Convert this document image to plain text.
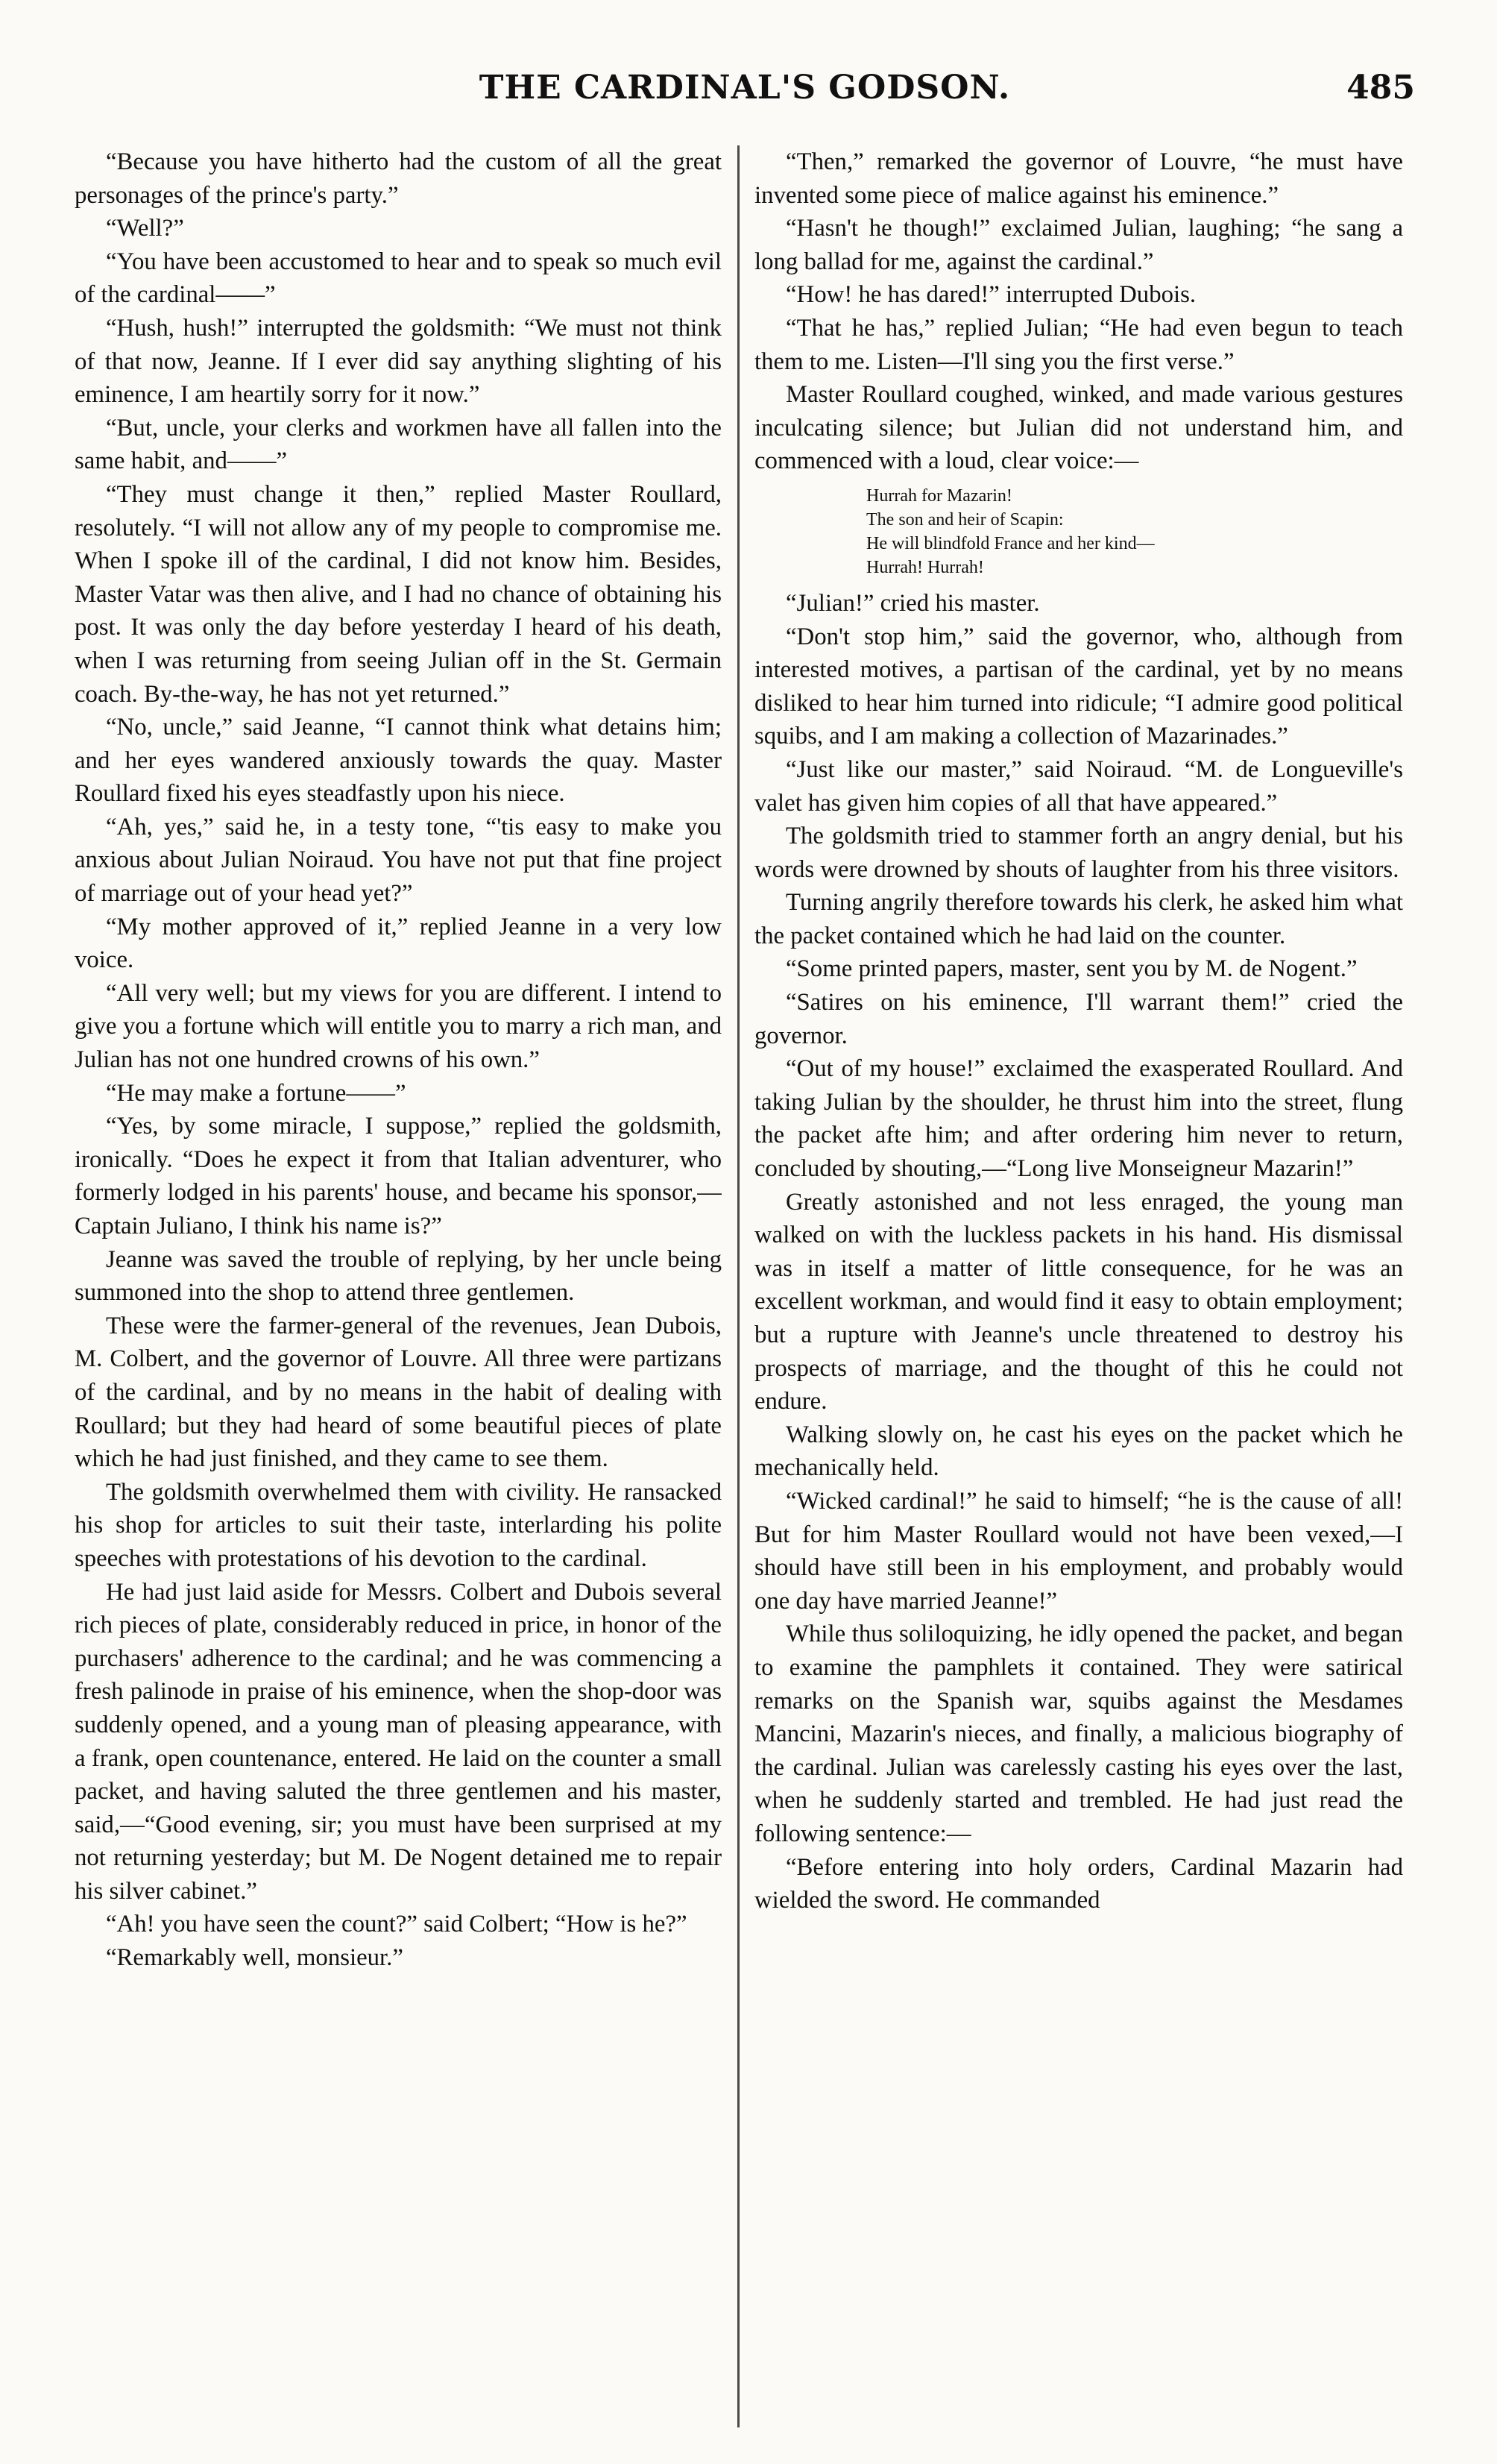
THE CARDINAL'S GODSON.	485

“Because you have hitherto had the custom of all the great personages of the prince's party.”

“Well?”

“You have been accustomed to hear and to speak so much evil of the cardinal——”

“Hush, hush!” interrupted the goldsmith: “We must not think of that now, Jeanne. If I ever did say anything slighting of his eminence, I am heartily sorry for it now.”

“But, uncle, your clerks and workmen have all fallen into the same habit, and——”

“They must change it then,” replied Master Roullard, resolutely. “I will not allow any of my people to compromise me. When I spoke ill of the cardinal, I did not know him. Besides, Master Vatar was then alive, and I had no chance of obtaining his post. It was only the day before yesterday I heard of his death, when I was returning from seeing Julian off in the St. Germain coach. By-the-way, he has not yet returned.”

“No, uncle,” said Jeanne, “I cannot think what detains him; and her eyes wandered anxiously towards the quay. Master Roullard fixed his eyes steadfastly upon his niece.

“Ah, yes,” said he, in a testy tone, “'tis easy to make you anxious about Julian Noiraud. You have not put that fine project of marriage out of your head yet?”

“My mother approved of it,” replied Jeanne in a very low voice.

“All very well; but my views for you are different. I intend to give you a fortune which will entitle you to marry a rich man, and Julian has not one hundred crowns of his own.”

“He may make a fortune——”

“Yes, by some miracle, I suppose,” replied the goldsmith, ironically. “Does he expect it from that Italian adventurer, who formerly lodged in his parents' house, and became his sponsor,—Captain Juliano, I think his name is?”

Jeanne was saved the trouble of replying, by her uncle being summoned into the shop to attend three gentlemen.

These were the farmer-general of the revenues, Jean Dubois, M. Colbert, and the governor of Louvre. All three were partizans of the cardinal, and by no means in the habit of dealing with Roullard; but they had heard of some beautiful pieces of plate which he had just finished, and they came to see them.

The goldsmith overwhelmed them with civility. He ransacked his shop for articles to suit their taste, interlarding his polite speeches with protestations of his devotion to the cardinal.

He had just laid aside for Messrs. Colbert and Dubois several rich pieces of plate, considerably reduced in price, in honor of the purchasers' adherence to the cardinal; and he was commencing a fresh palinode in praise of his eminence, when the shop-door was suddenly opened, and a young man of pleasing appearance, with a frank, open countenance, entered. He laid on the counter a small packet, and having saluted the three gentlemen and his master, said,—“Good evening, sir; you must have been surprised at my not returning yesterday; but M. De Nogent detained me to repair his silver cabinet.”

“Ah! you have seen the count?” said Colbert; “How is he?”

“Remarkably well, monsieur.”

“Then,” remarked the governor of Louvre, “he must have invented some piece of malice against his eminence.”

“Hasn't he though!” exclaimed Julian, laughing; “he sang a long ballad for me, against the cardinal.”

“How! he has dared!” interrupted Dubois.

“That he has,” replied Julian; “He had even begun to teach them to me. Listen—I'll sing you the first verse.”

Master Roullard coughed, winked, and made various gestures inculcating silence; but Julian did not understand him, and commenced with a loud, clear voice:—

Hurrah for Mazarin!
The son and heir of Scapin:
He will blindfold France and her kind—
Hurrah! Hurrah!

“Julian!” cried his master.

“Don't stop him,” said the governor, who, although from interested motives, a partisan of the cardinal, yet by no means disliked to hear him turned into ridicule; “I admire good political squibs, and I am making a collection of Mazarinades.”

“Just like our master,” said Noiraud. “M. de Longueville's valet has given him copies of all that have appeared.”

The goldsmith tried to stammer forth an angry denial, but his words were drowned by shouts of laughter from his three visitors.

Turning angrily therefore towards his clerk, he asked him what the packet contained which he had laid on the counter.

“Some printed papers, master, sent you by M. de Nogent.”

“Satires on his eminence, I'll warrant them!” cried the governor.

“Out of my house!” exclaimed the exasperated Roullard. And taking Julian by the shoulder, he thrust him into the street, flung the packet afte him; and after ordering him never to return, concluded by shouting,—“Long live Monseigneur Mazarin!”

Greatly astonished and not less enraged, the young man walked on with the luckless packets in his hand. His dismissal was in itself a matter of little consequence, for he was an excellent workman, and would find it easy to obtain employment; but a rupture with Jeanne's uncle threatened to destroy his prospects of marriage, and the thought of this he could not endure.

Walking slowly on, he cast his eyes on the packet which he mechanically held.

“Wicked cardinal!” he said to himself; “he is the cause of all! But for him Master Roullard would not have been vexed,—I should have still been in his employment, and probably would one day have married Jeanne!”

While thus soliloquizing, he idly opened the packet, and began to examine the pamphlets it contained. They were satirical remarks on the Spanish war, squibs against the Mesdames Mancini, Mazarin's nieces, and finally, a malicious biography of the cardinal. Julian was carelessly casting his eyes over the last, when he suddenly started and trembled. He had just read the following sentence:—

“Before entering into holy orders, Cardinal Mazarin had wielded the sword. He commanded
